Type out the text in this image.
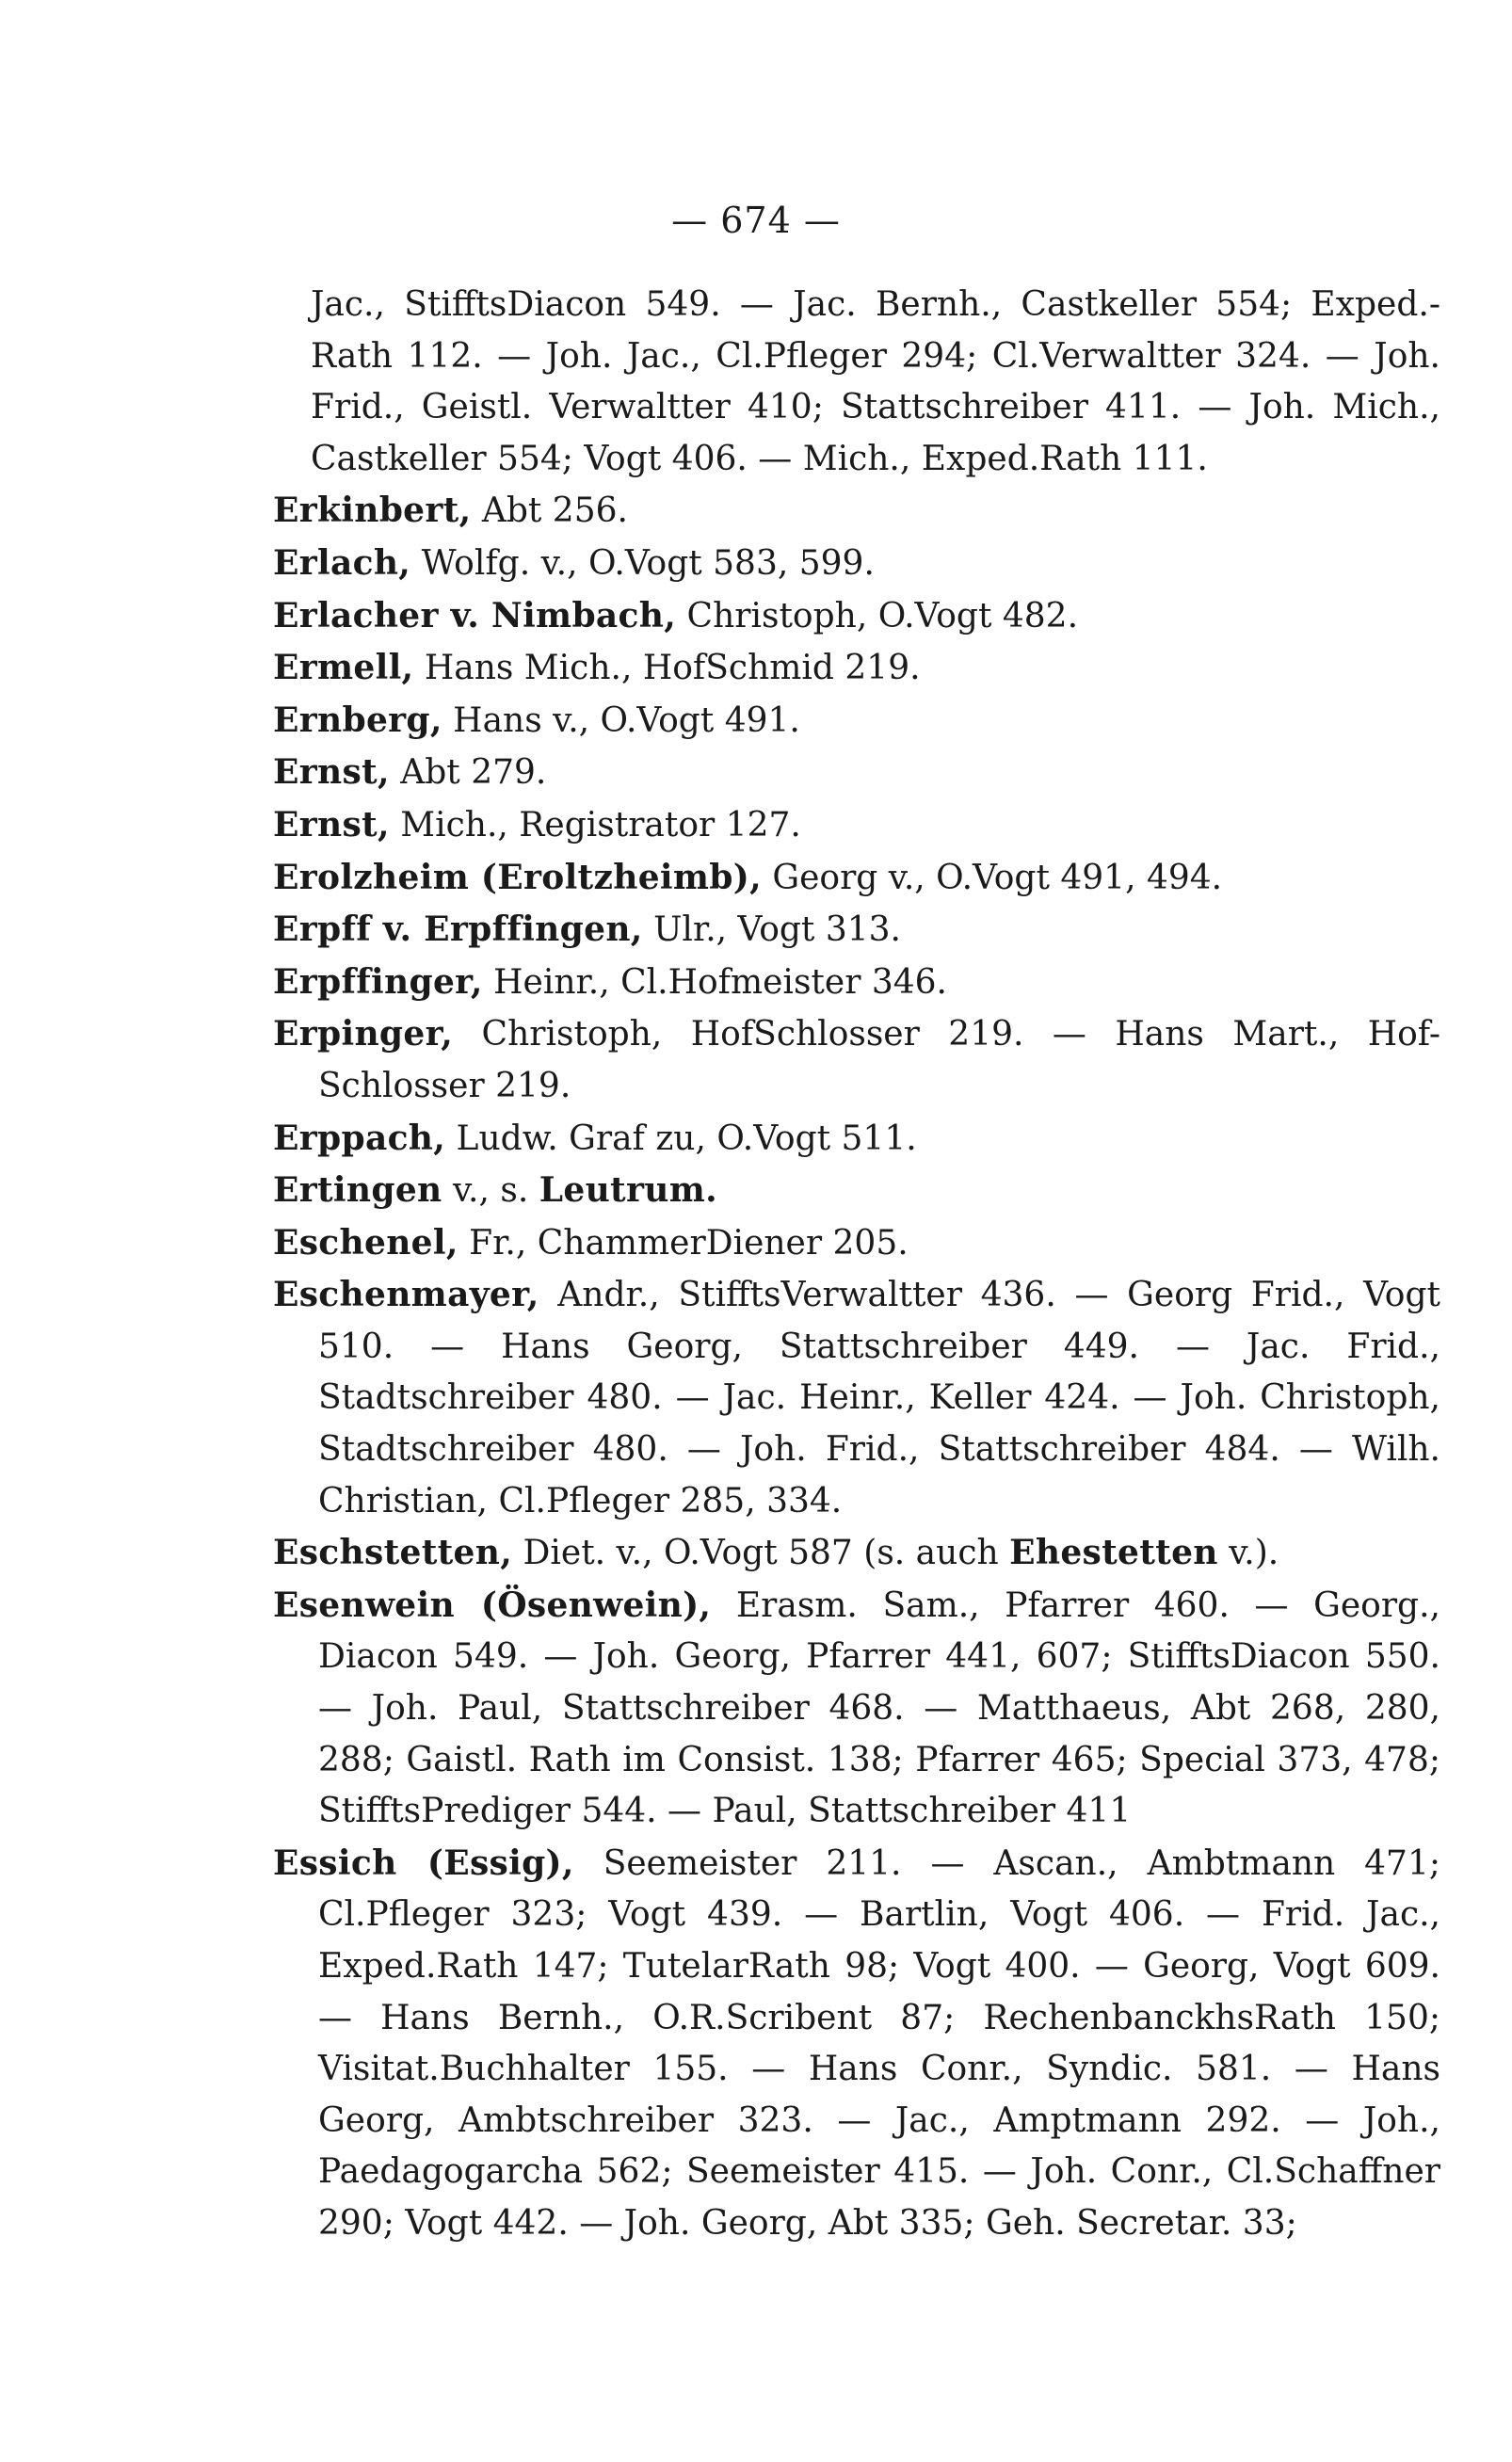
— 674 —

Jac., StifftsDiacon 549. — Jac. Bernh., Castkeller 554; Exped.-Rath 112. — Joh. Jac., Cl.Pfleger 294; Cl.Verwaltter 324. — Joh. Frid., Geistl. Verwaltter 410; Stattschreiber 411. — Joh. Mich., Castkeller 554; Vogt 406. — Mich., Exped.Rath 111.

Erkinbert, Abt 256.

Erlach, Wolfg. v., O.Vogt 583, 599.

Erlacher v. Nimbach, Christoph, O.Vogt 482.

Ermell, Hans Mich., HofSchmid 219.

Ernberg, Hans v., O.Vogt 491.

Ernst, Abt 279.

Ernst, Mich., Registrator 127.

Erolzheim (Eroltzheimb), Georg v., O.Vogt 491, 494.

Erpff v. Erpffingen, Ulr., Vogt 313.

Erpffinger, Heinr., Cl.Hofmeister 346.

Erpinger, Christoph, HofSchlosser 219. — Hans Mart., Hof-Schlosser 219.

Erppach, Ludw. Graf zu, O.Vogt 511.

Ertingen v., s. Leutrum.

Eschenel, Fr., ChammerDiener 205.

Eschenmayer, Andr., StifftsVerwaltter 436. — Georg Frid., Vogt 510. — Hans Georg, Stattschreiber 449. — Jac. Frid., Stadtschreiber 480. — Jac. Heinr., Keller 424. — Joh. Christoph, Stadtschreiber 480. — Joh. Frid., Stattschreiber 484. — Wilh. Christian, Cl.Pfleger 285, 334.

Eschstetten, Diet. v., O.Vogt 587 (s. auch Ehestetten v.).

Esenwein (Ösenwein), Erasm. Sam., Pfarrer 460. — Georg., Diacon 549. — Joh. Georg, Pfarrer 441, 607; StifftsDiacon 550. — Joh. Paul, Stattschreiber 468. — Matthaeus, Abt 268, 280, 288; Gaistl. Rath im Consist. 138; Pfarrer 465; Special 373, 478; StifftsPrediger 544. — Paul, Stattschreiber 411

Essich (Essig), Seemeister 211. — Ascan., Ambtmann 471; Cl.Pfleger 323; Vogt 439. — Bartlin, Vogt 406. — Frid. Jac., Exped.Rath 147; TutelarRath 98; Vogt 400. — Georg, Vogt 609. — Hans Bernh., O.R.Scribent 87; RechenbanckhsRath 150; Visitat.Buchhalter 155. — Hans Conr., Syndic. 581. — Hans Georg, Ambtschreiber 323. — Jac., Amptmann 292. — Joh., Paedagogarcha 562; Seemeister 415. — Joh. Conr., Cl.Schaffner 290; Vogt 442. — Joh. Georg, Abt 335; Geh. Secretar. 33;
